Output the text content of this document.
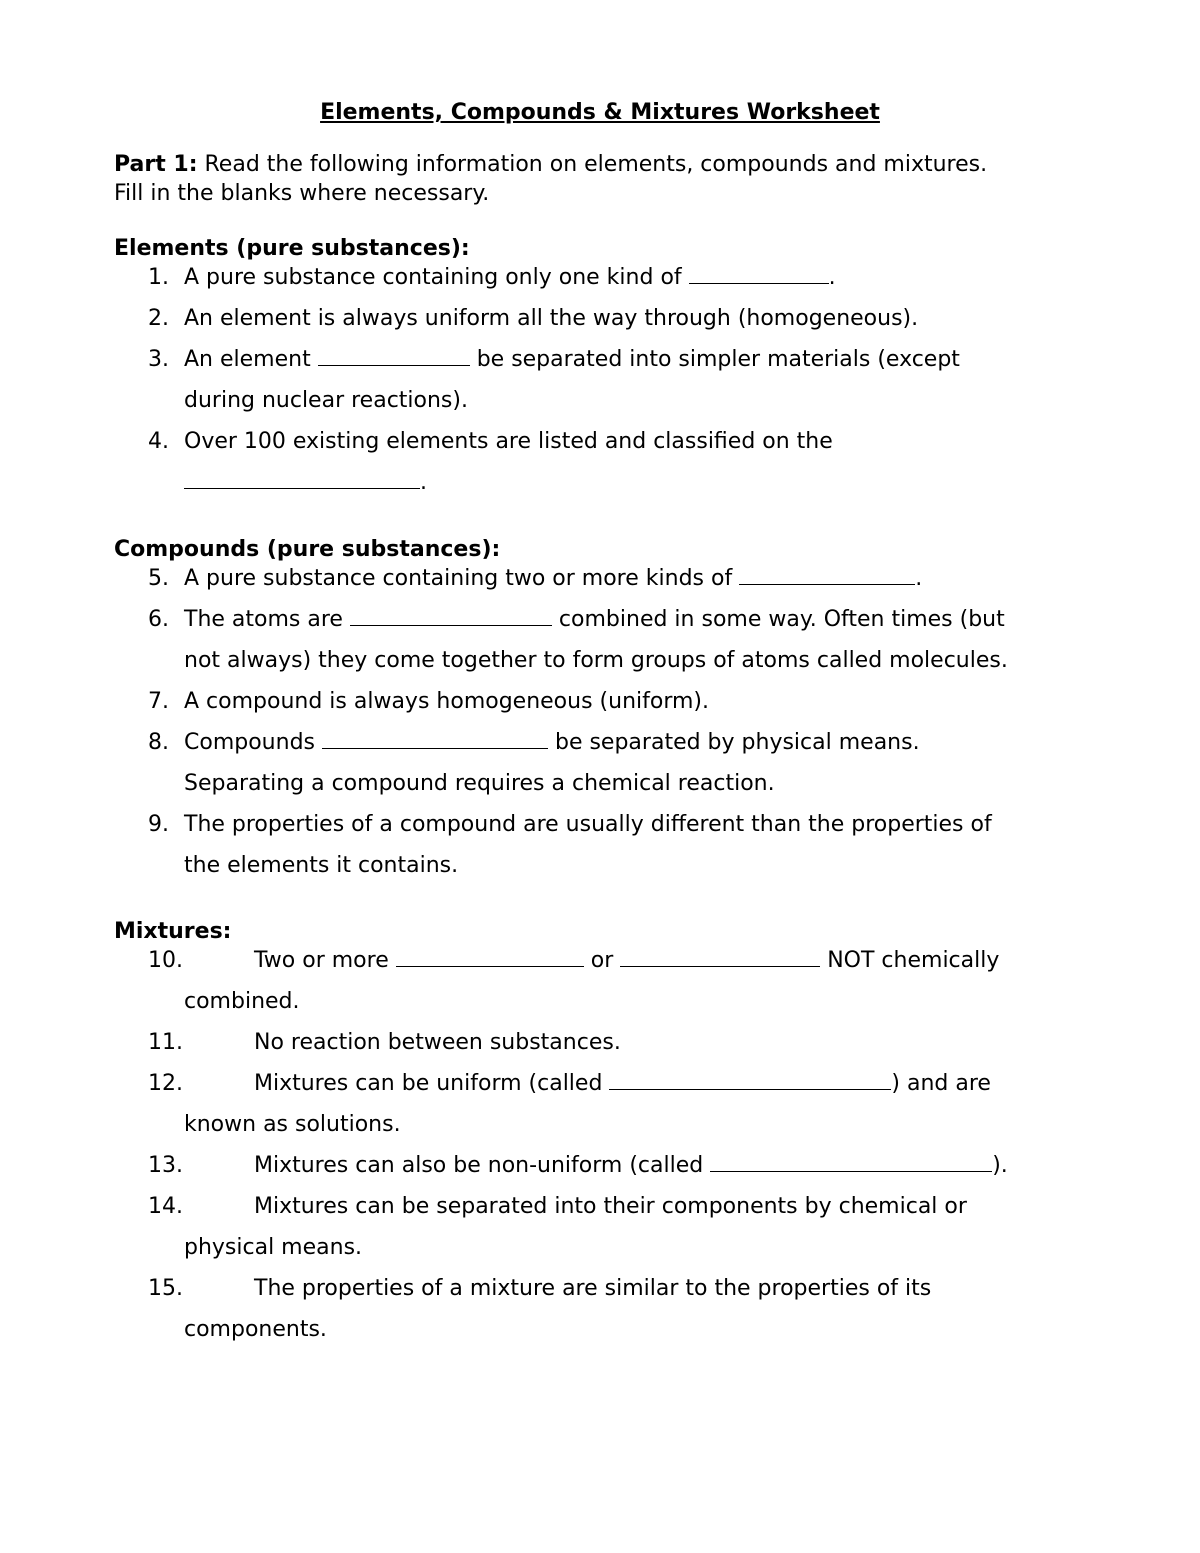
Elements, Compounds & Mixtures Worksheet
Part 1: Read the following information on elements, compounds and mixtures.
Fill in the blanks where necessary.
Elements (pure substances):
1. A pure substance containing only one kind of	.
2. An element is always uniform all the way through (homogeneous).
3. An element	be separated into simpler materials (except
during nuclear reactions).
4. Over 100 existing elements are listed and classified on the
.
Compounds (pure substances):
5. A pure substance containing two or more kinds of	.
6. The atoms are	combined in some way. Often times (but
not always) they come together to form groups of atoms called molecules.
7. A compound is always homogeneous (uniform).
8. Compounds	be separated by physical means.
Separating a compound requires a chemical reaction.
9. The properties of a compound are usually different than the properties of
the elements it contains.
Mixtures:
10.	Two or more	or	NOT chemically
combined.
11.	No reaction between substances.
12.	Mixtures can be uniform (called	) and are
known as solutions.
13.	Mixtures can also be non-uniform (called	).
14.	Mixtures can be separated into their components by chemical or
physical means.
15.	The properties of a mixture are similar to the properties of its
components.
